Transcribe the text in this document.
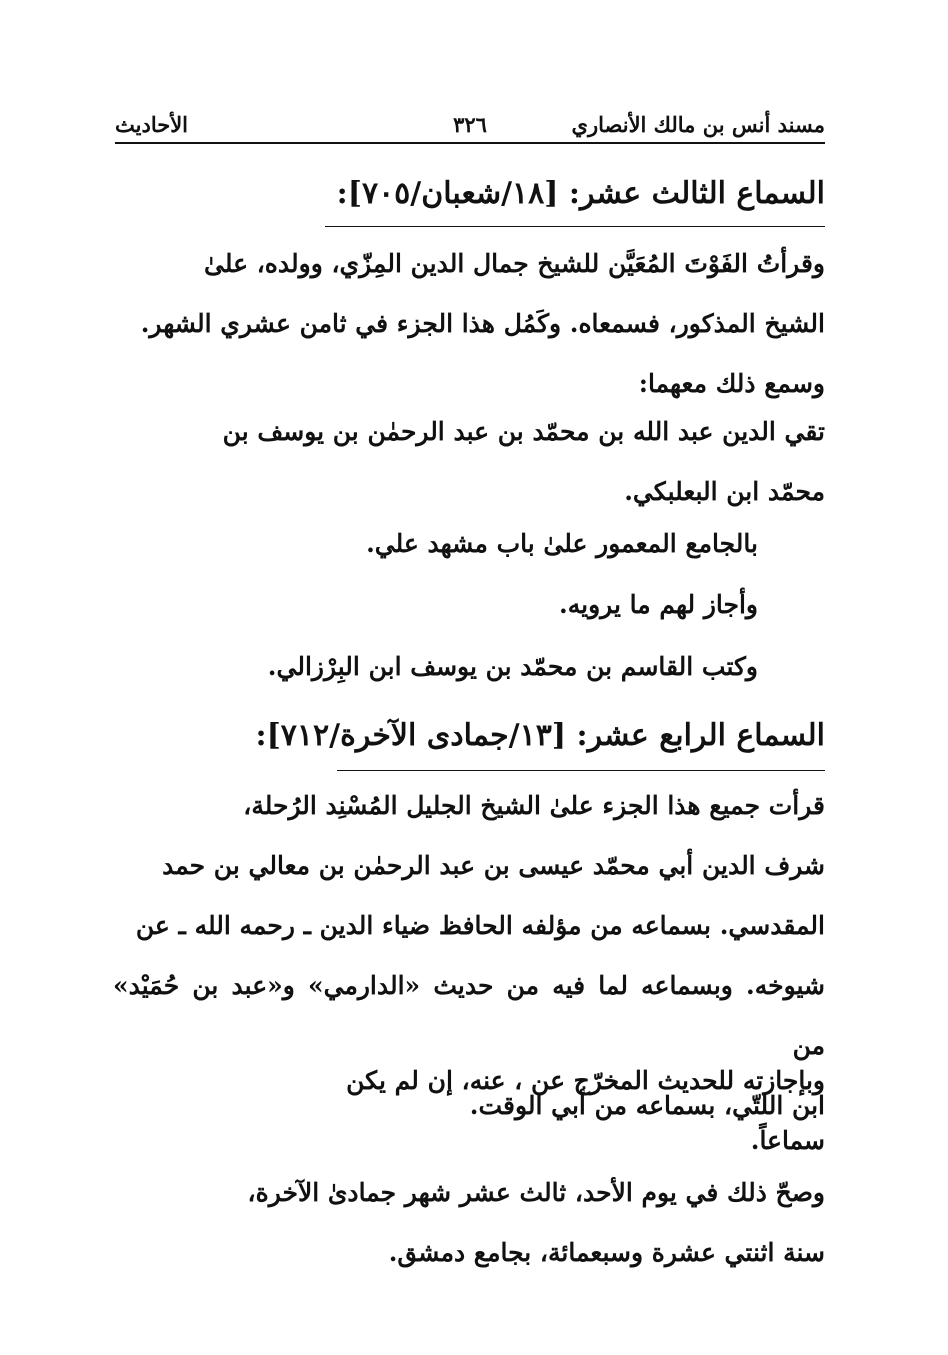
مسند أنس بن مالك الأنصاري
٣٢٦
الأحاديث
السماع الثالث عشر: [١٨/شعبان/٧٠٥]:
وقرأتُ الفَوْتَ المُعَيَّن للشيخ جمال الدين المِزّي، وولده، علىٰ
الشيخ المذكور، فسمعاه. وكَمُل هذا الجزء في ثامن عشري الشهر.
وسمع ذلك معهما:
تقي الدين عبد الله بن محمّد بن عبد الرحمٰن بن يوسف بن
محمّد ابن البعلبكي.
بالجامع المعمور علىٰ باب مشهد علي.
وأجاز لهم ما يرويه.
وكتب القاسم بن محمّد بن يوسف ابن البِرْزالي.
السماع الرابع عشر: [١٣/جمادى الآخرة/٧١٢]:
قرأت جميع هذا الجزء علىٰ الشيخ الجليل المُسْنِد الرُحلة،
شرف الدين أبي محمّد عيسى بن عبد الرحمٰن بن معالي بن حمد
المقدسي. بسماعه من مؤلفه الحافظ ضياء الدين ـ رحمه الله ـ عن
شيوخه. وبسماعه لما فيه من حديث «الدارمي» و«عبد بن حُمَيْد» من
ابن اللتّي، بسماعه من أبي الوقت.
وبإجازته للحديث المخرّج عن ، عنه، إن لم يكن
سماعاً.
وصحّ ذلك في يوم الأحد، ثالث عشر شهر جمادىٰ الآخرة،
سنة اثنتي عشرة وسبعمائة، بجامع دمشق.
